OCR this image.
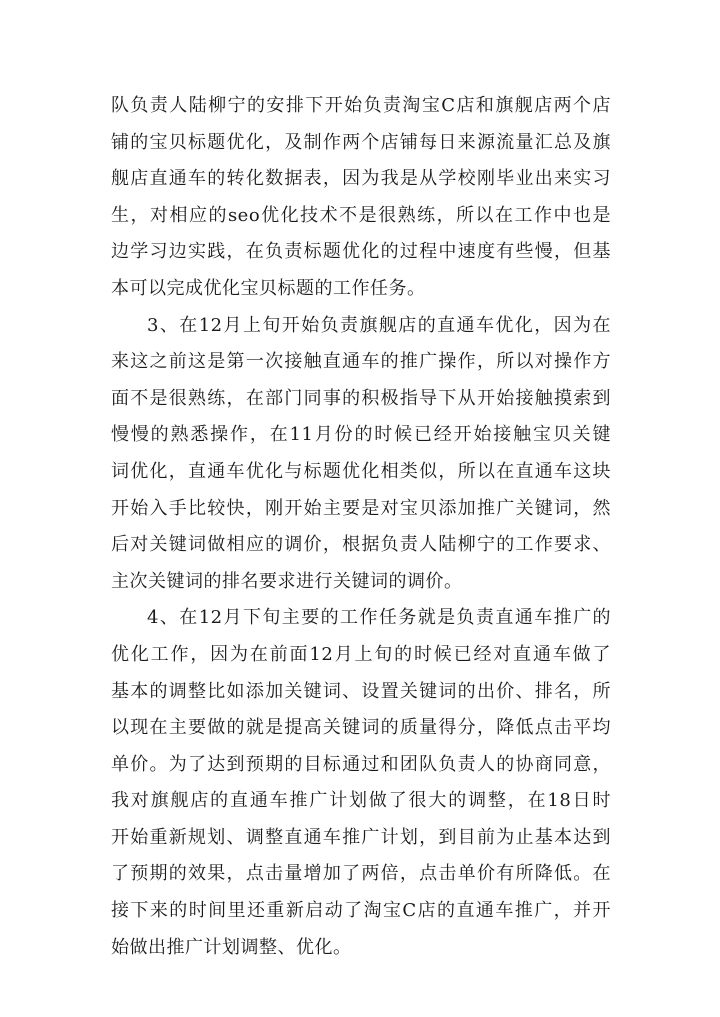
队负责人陆柳宁的安排下开始负责淘宝C店和旗舰店两个店
铺的宝贝标题优化，及制作两个店铺每日来源流量汇总及旗
舰店直通车的转化数据表，因为我是从学校刚毕业出来实习
生，对相应的seo优化技术不是很熟练，所以在工作中也是
边学习边实践，在负责标题优化的过程中速度有些慢，但基
本可以完成优化宝贝标题的工作任务。
3、在12月上旬开始负责旗舰店的直通车优化，因为在
来这之前这是第一次接触直通车的推广操作，所以对操作方
面不是很熟练，在部门同事的积极指导下从开始接触摸索到
慢慢的熟悉操作，在11月份的时候已经开始接触宝贝关键
词优化，直通车优化与标题优化相类似，所以在直通车这块
开始入手比较快，刚开始主要是对宝贝添加推广关键词，然
后对关键词做相应的调价，根据负责人陆柳宁的工作要求、
主次关键词的排名要求进行关键词的调价。
4、在12月下旬主要的工作任务就是负责直通车推广的
优化工作，因为在前面12月上旬的时候已经对直通车做了
基本的调整比如添加关键词、设置关键词的出价、排名，所
以现在主要做的就是提高关键词的质量得分，降低点击平均
单价。为了达到预期的目标通过和团队负责人的协商同意，
我对旗舰店的直通车推广计划做了很大的调整，在18日时
开始重新规划、调整直通车推广计划，到目前为止基本达到
了预期的效果，点击量增加了两倍，点击单价有所降低。在
接下来的时间里还重新启动了淘宝C店的直通车推广，并开
始做出推广计划调整、优化。
